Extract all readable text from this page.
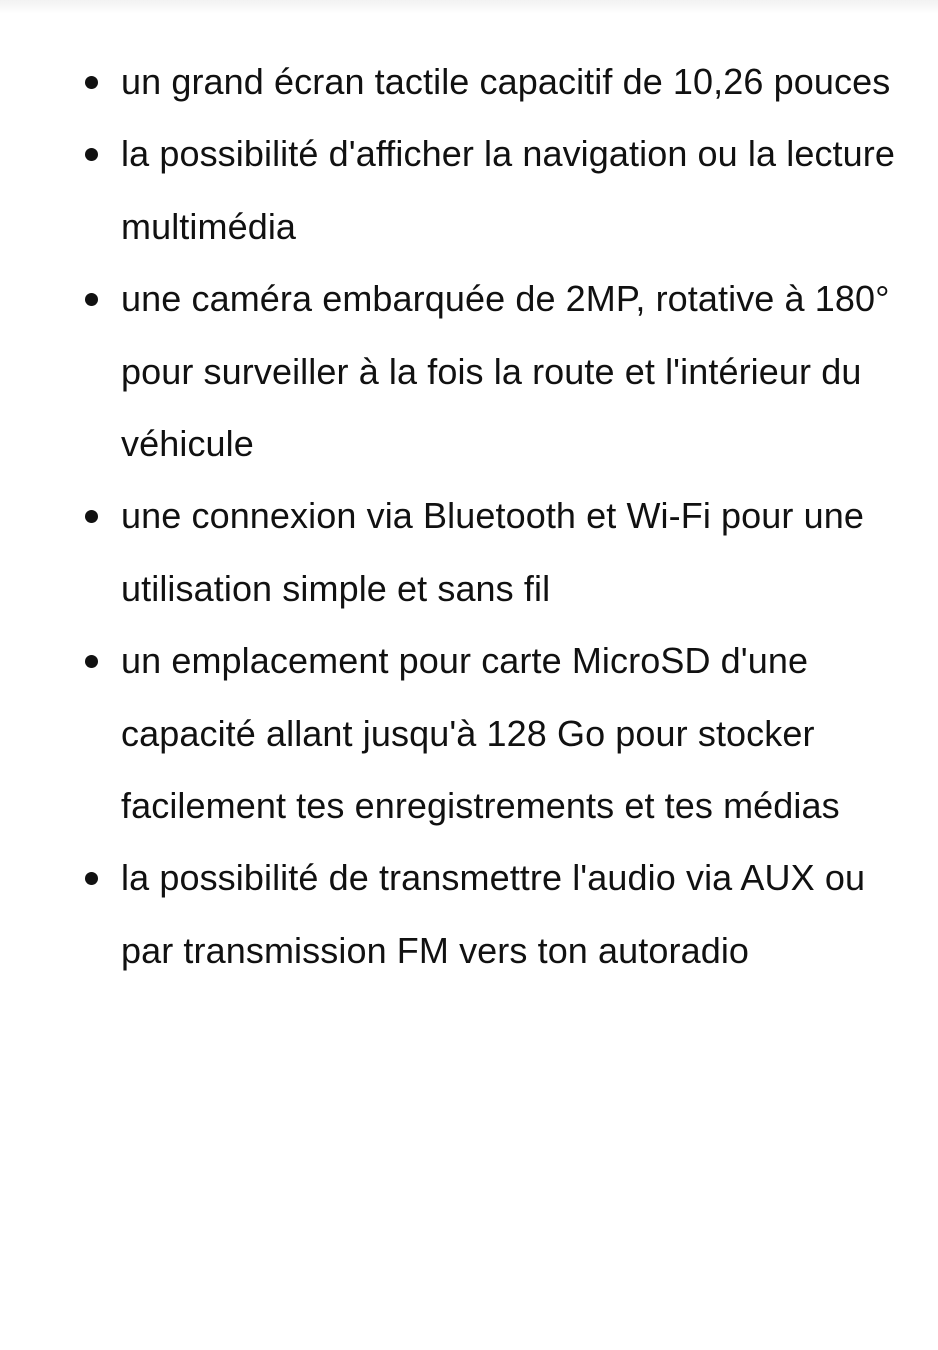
un grand écran tactile capacitif de 10,26 pouces
la possibilité d'afficher la navigation ou la lecture multimédia
une caméra embarquée de 2MP, rotative à 180° pour surveiller à la fois la route et l'intérieur du véhicule
une connexion via Bluetooth et Wi-Fi pour une utilisation simple et sans fil
un emplacement pour carte MicroSD d'une capacité allant jusqu'à 128 Go pour stocker facilement tes enregistrements et tes médias
la possibilité de transmettre l'audio via AUX ou par transmission FM vers ton autoradio
